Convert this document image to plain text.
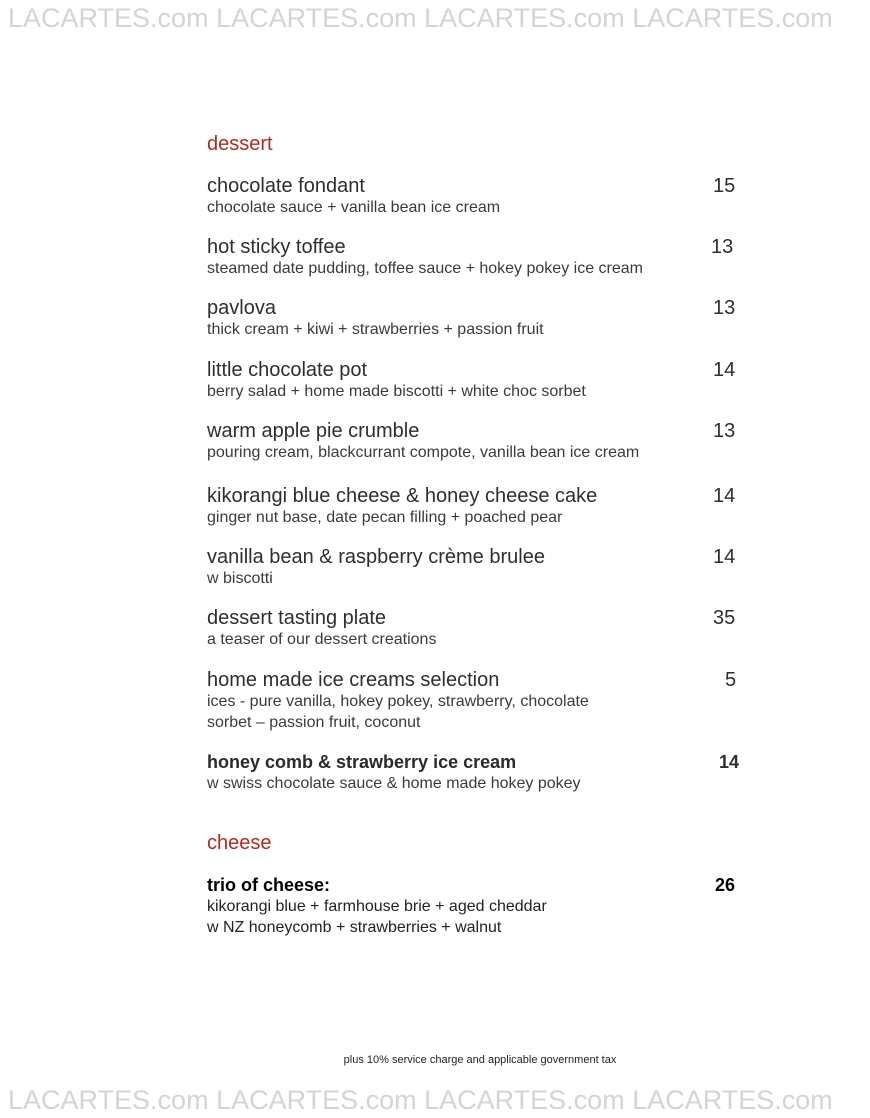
LACARTES.com LACARTES.com LACARTES.com LACARTES.com
dessert
chocolate fondant
chocolate sauce + vanilla bean ice cream
15
hot sticky toffee
steamed date pudding, toffee sauce + hokey pokey ice cream
13
pavlova
thick cream + kiwi + strawberries + passion fruit
13
little chocolate pot
berry salad + home made biscotti + white choc sorbet
14
warm apple pie crumble
pouring cream, blackcurrant compote, vanilla bean ice cream
13
kikorangi blue cheese & honey cheese cake
ginger nut base, date pecan filling + poached pear
14
vanilla bean & raspberry crème brulee
w biscotti
14
dessert tasting plate
a teaser of our dessert creations
35
home made ice creams selection
ices - pure vanilla, hokey pokey, strawberry, chocolate
sorbet – passion fruit, coconut
5
honey comb & strawberry ice cream
w swiss chocolate sauce & home made hokey pokey
14
cheese
trio of cheese:
kikorangi blue + farmhouse brie + aged cheddar
w NZ honeycomb + strawberries + walnut
26
plus 10% service charge and applicable government tax
LACARTES.com LACARTES.com LACARTES.com LACARTES.com
